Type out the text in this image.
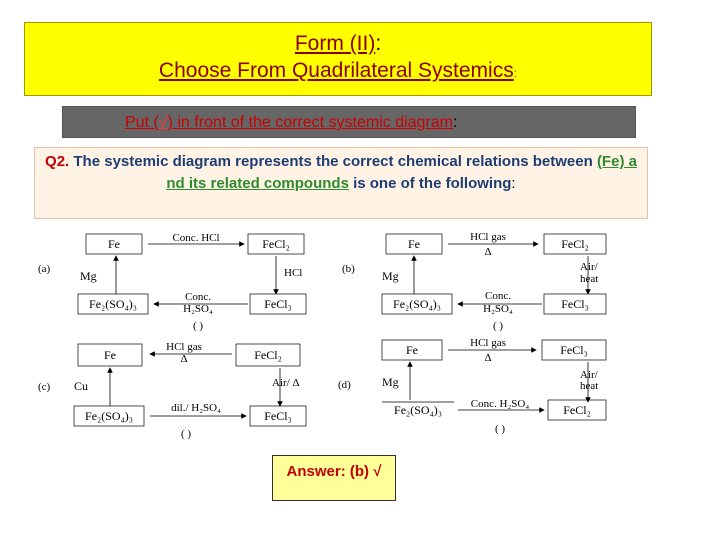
Form (II):
Choose From Quadrilateral Systemics:
Put (√) in front of the correct systemic diagram:
Q2. The systemic diagram represents the correct chemical relations between (Fe) a nd its related compounds is one of the following:
(a)
Fe	Conc. HCl	FeCl₂
HCl
Mg
Fe₂(SO₄)₃	Conc.
H₂SO₄	FeCl₃
( )
(b)
Fe	HCl gas
Δ
FeCl₂
Air/
heat
Mg
Fe₂(SO₄)₃
Conc.
H₂SO₄	FeCl₃
( )
(c)
Fe
HCl gas
Δ	FeCl₂
Air/ Δ
Cu
Fe₂(SO₄)₃
dil./ H₂SO₄
FeCl₃
( )
(d)
Fe	HCl gas
Δ
FeCl₃
Air/
heat
Mg
Fe₂(SO₄)₃	Conc. H₂SO₄	FeCl₂
( )
Answer: (b) √
